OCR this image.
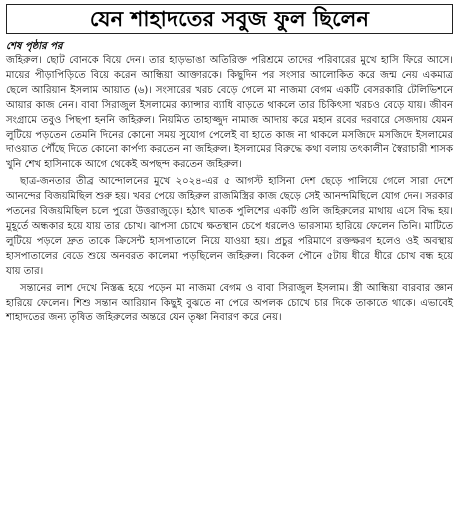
যেন শাহাদতের সবুজ ফুল ছিলেন
শেষ পৃষ্ঠার পর

জহিরুল। ছোট বোনকে বিয়ে দেন। তার হাড়ভাঙা অতিরিক্ত পরিশ্রমে তাদের পরিবারের মুখে হাসি ফিরে আসে। মায়ের পীড়াপিড়িতে বিয়ে করেন আন্ধিয়া আক্তারকে। কিছুদিন পর সংসার আলোকিত করে জন্ম নেয় একমাত্র ছেলে আরিয়ান ইসলাম আয়াত (৬)। সংসারের খরচ বেড়ে গেলে মা নাজমা বেগম একটি বেসরকারি টেলিভিশনে আয়ার কাজ নেন। বাবা সিরাজুল ইসলামের ক্যান্সার ব্যাধি বাড়তে থাকলে তার চিকিৎসা খরচও বেড়ে যায়। জীবন সংগ্রামে তবুও পিছপা হননি জহিরুল। নিয়মিত তাহাজ্জুদ নামাজ আদায় করে মহান রবের দরবারে সেজদায় যেমন লুটিয়ে পড়তেন তেমনি দিনের কোনো সময় সুযোগ পেলেই বা হাতে কাজ না থাকলে মসজিদে মসজিদে ইসলামের দাওয়াত পৌঁছে দিতে কোনো কার্পণ্য করতেন না জহিরুল। ইসলামের বিরুদ্ধে কথা বলায় তৎকালীন স্বৈরাচারী শাসক খুনি শেখ হাসিনাকে আগে থেকেই অপছন্দ করতেন জহিরুল।

ছাত্র-জনতার তীব্র আন্দোলনের মুখে ২০২৪-এর ৫ আগস্ট হাসিনা দেশ ছেড়ে পালিয়ে গেলে সারা দেশে আনন্দের বিজয়মিছিল শুরু হয়। খবর পেয়ে জহিরুল রাজমিস্ত্রির কাজ ছেড়ে সেই আনন্দমিছিলে যোগ দেন। সরকার পতনের বিজয়মিছিল চলে পুরো উত্তরাজুড়ে। হঠাৎ ঘাতক পুলিশের একটি গুলি জহিরুলের মাথায় এসে বিদ্ধ হয়। মুহূর্তে অন্ধকার হয়ে যায় তার চোখ। ঝাপসা চোখে ক্ষতস্থান চেপে ধরলেও ভারসাম্য হারিয়ে ফেলেন তিনি। মাটিতে লুটিয়ে পড়লে দ্রুত তাকে ক্রিসেন্ট হাসপাতালে নিয়ে যাওয়া হয়। প্রচুর পরিমাণে রক্তক্ষরণ হলেও ওই অবস্থায় হাসপাতালের বেডে শুয়ে অনবরত কালেমা পড়ছিলেন জহিরুল। বিকেল পৌনে ৫টায় ধীরে ধীরে চোখ বন্ধ হয়ে যায় তার।

সন্তানের লাশ দেখে নিস্তব্ধ হয়ে পড়েন মা নাজমা বেগম ও বাবা সিরাজুল ইসলাম। স্ত্রী আন্ধিয়া বারবার জ্ঞান হারিয়ে ফেলেন। শিশু সন্তান আরিয়ান কিছুই বুঝতে না পেরে অপলক চোখে চার দিকে তাকাতে থাকে। এভাবেই শাহাদতের জন্য তৃষিত জহিরুলের অন্তরে যেন তৃষ্ণা নিবারণ করে নেয়।
